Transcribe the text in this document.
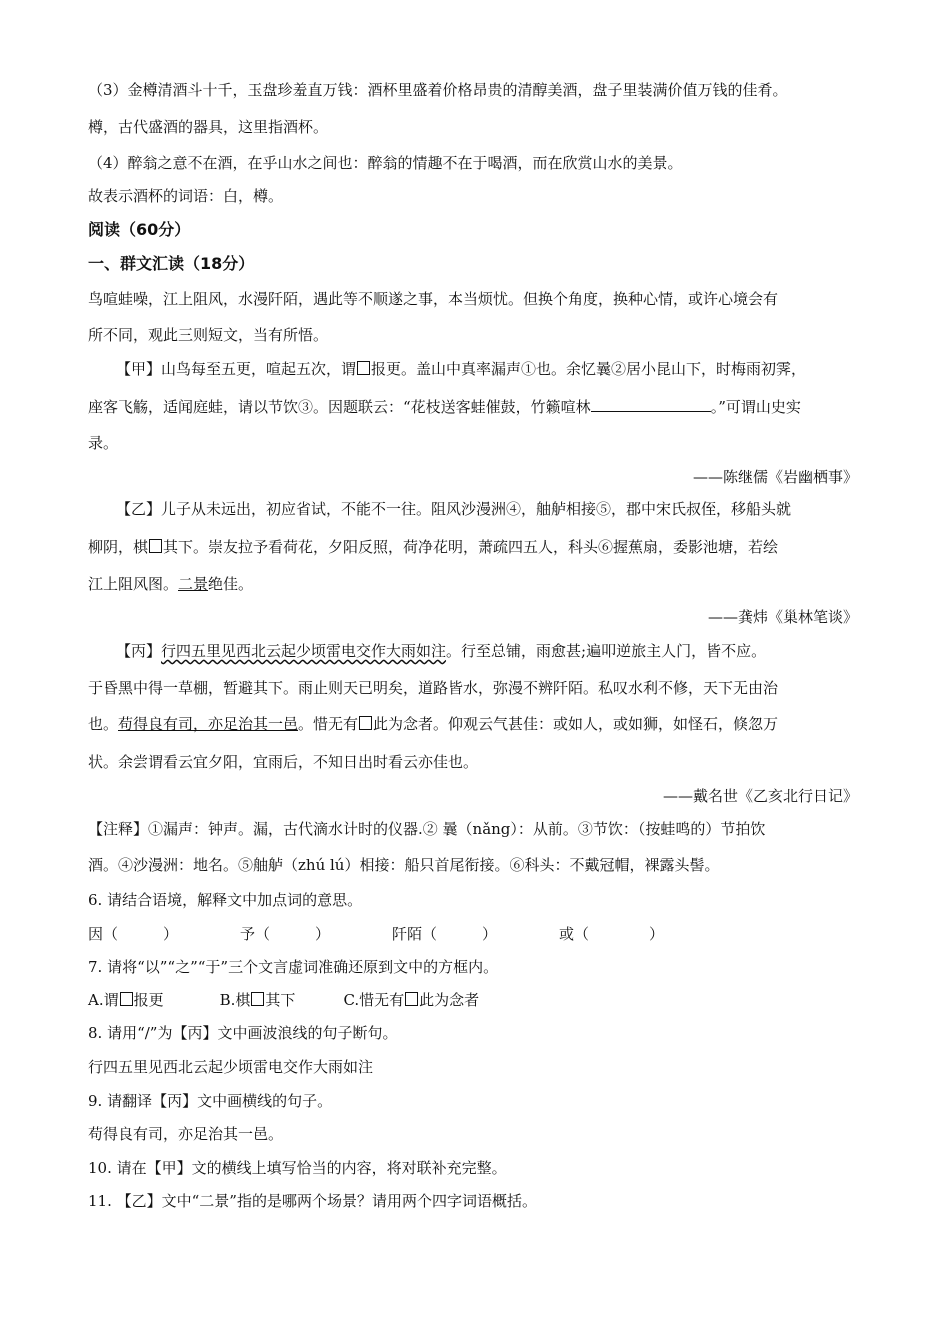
（3）金樽清酒斗十千，玉盘珍羞直万钱：酒杯里盛着价格昂贵的清醇美酒，盘子里装满价值万钱的佳肴。
樽，古代盛酒的器具，这里指酒杯。
（4）醉翁之意不在酒，在乎山水之间也：醉翁的情趣不在于喝酒，而在欣赏山水的美景。
故表示酒杯的词语：白，樽。
阅读（60分）
一、群文汇读（18分）
鸟喧蛙噪，江上阻风，水漫阡陌，遇此等不顺遂之事，本当烦忧。但换个角度，换种心情，或许心境会有
所不同，观此三则短文，当有所悟。
【甲】山鸟每至五更，喧起五次，谓 报更。盖山中真率漏声①也。余忆曩②居小昆山下，时梅雨初霁，
座客飞觞，适闻庭蛙，请以节饮③。因题联云：“花枝送客蛙催鼓，竹籁喧林	。”可谓山史实
录。
——陈继儒《岩幽栖事》
【乙】儿子从未远出，初应省试，不能不一往。阻风沙漫洲④，舳舻相接⑤，郡中宋氏叔侄，移船头就
柳阴，棋 其下。崇友拉予看荷花，夕阳反照，荷净花明，萧疏四五人，科头⑥握蕉扇，委影池塘，若绘
江上阻风图。二景绝佳。
——龚炜《巢林笔谈》
【丙】行四五里见西北云起少顷雷电交作大雨如注。行至总铺，雨愈甚;遍叩逆旅主人门，皆不应。
于昏黑中得一草棚，暂避其下。雨止则天已明矣，道路皆水，弥漫不辨阡陌。私叹水利不修，天下无由治
也。苟得良有司，亦足治其一邑。惜无有 此为念者。仰观云气甚佳：或如人，或如狮，如怪石，倏忽万
状。余尝谓看云宜夕阳，宜雨后，不知日出时看云亦佳也。
——戴名世《乙亥北行日记》
【注释】①漏声：钟声。漏，古代滴水计时的仪器.② 曩（nǎng）：从前。③节饮：（按蛙鸣的）节拍饮
酒。④沙漫洲：地名。⑤舳舻（zhú lú）相接：船只首尾衔接。⑥科头：不戴冠帽，裸露头髻。
6. 请结合语境，解释文中加点词的意思。
因（　　　）	予（　　　）	阡陌（　　　）	或（　　　　）
7. 请将“以”“之”“于”三个文言虚词准确还原到文中的方框内。
A.谓 报更	B.棋 其下	C.惜无有 此为念者
8. 请用“/”为【丙】文中画波浪线的句子断句。
行四五里见西北云起少顷雷电交作大雨如注
9. 请翻译【丙】文中画横线的句子。
苟得良有司，亦足治其一邑。
10. 请在【甲】文的横线上填写恰当的内容，将对联补充完整。
11. 【乙】文中“二景”指的是哪两个场景？请用两个四字词语概括。
